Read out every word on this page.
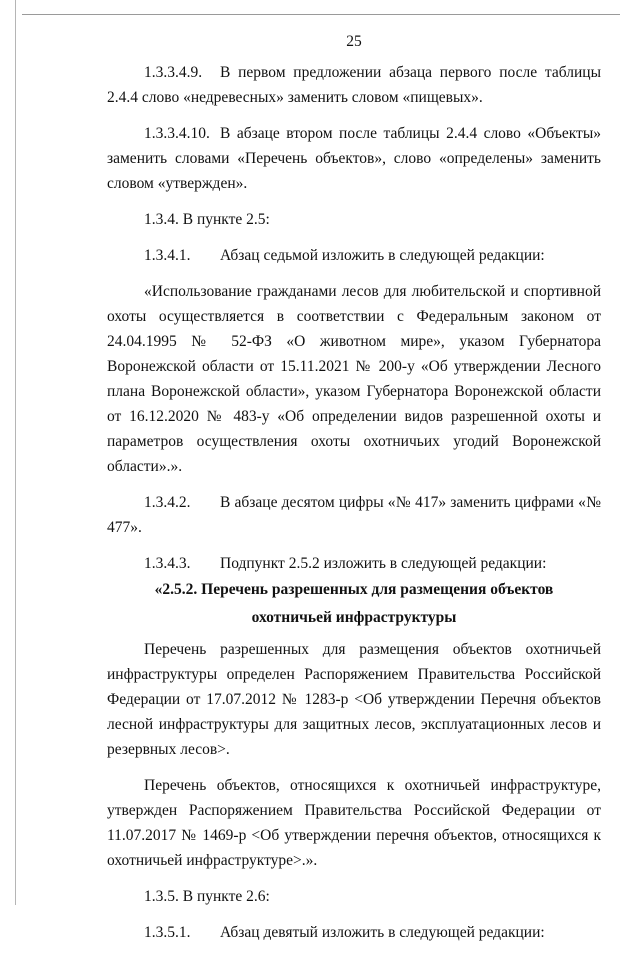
25

1.3.3.4.9. В первом предложении абзаца первого после таблицы 2.4.4 слово «недревесных» заменить словом «пищевых».

1.3.3.4.10. В абзаце втором после таблицы 2.4.4 слово «Объекты» заменить словами «Перечень объектов», слово «определены» заменить словом «утвержден».

1.3.4. В пункте 2.5:

1.3.4.1. Абзац седьмой изложить в следующей редакции:

«Использование гражданами лесов для любительской и спортивной охоты осуществляется в соответствии с Федеральным законом от 24.04.1995 № 52-ФЗ «О животном мире», указом Губернатора Воронежской области от 15.11.2021 № 200-у «Об утверждении Лесного плана Воронежской области», указом Губернатора Воронежской области от 16.12.2020 № 483-у «Об определении видов разрешенной охоты и параметров осуществления охоты охотничьих угодий Воронежской области».».

1.3.4.2. В абзаце десятом цифры «№ 417» заменить цифрами «№ 477».

1.3.4.3. Подпункт 2.5.2 изложить в следующей редакции:

«2.5.2. Перечень разрешенных для размещения объектов
охотничьей инфраструктуры

Перечень разрешенных для размещения объектов охотничьей инфраструктуры определен Распоряжением Правительства Российской Федерации от 17.07.2012 № 1283-р <Об утверждении Перечня объектов лесной инфраструктуры для защитных лесов, эксплуатационных лесов и резервных лесов>.

Перечень объектов, относящихся к охотничьей инфраструктуре, утвержден Распоряжением Правительства Российской Федерации от 11.07.2017 № 1469-р <Об утверждении перечня объектов, относящихся к охотничьей инфраструктуре>.».

1.3.5. В пункте 2.6:

1.3.5.1. Абзац девятый изложить в следующей редакции:
